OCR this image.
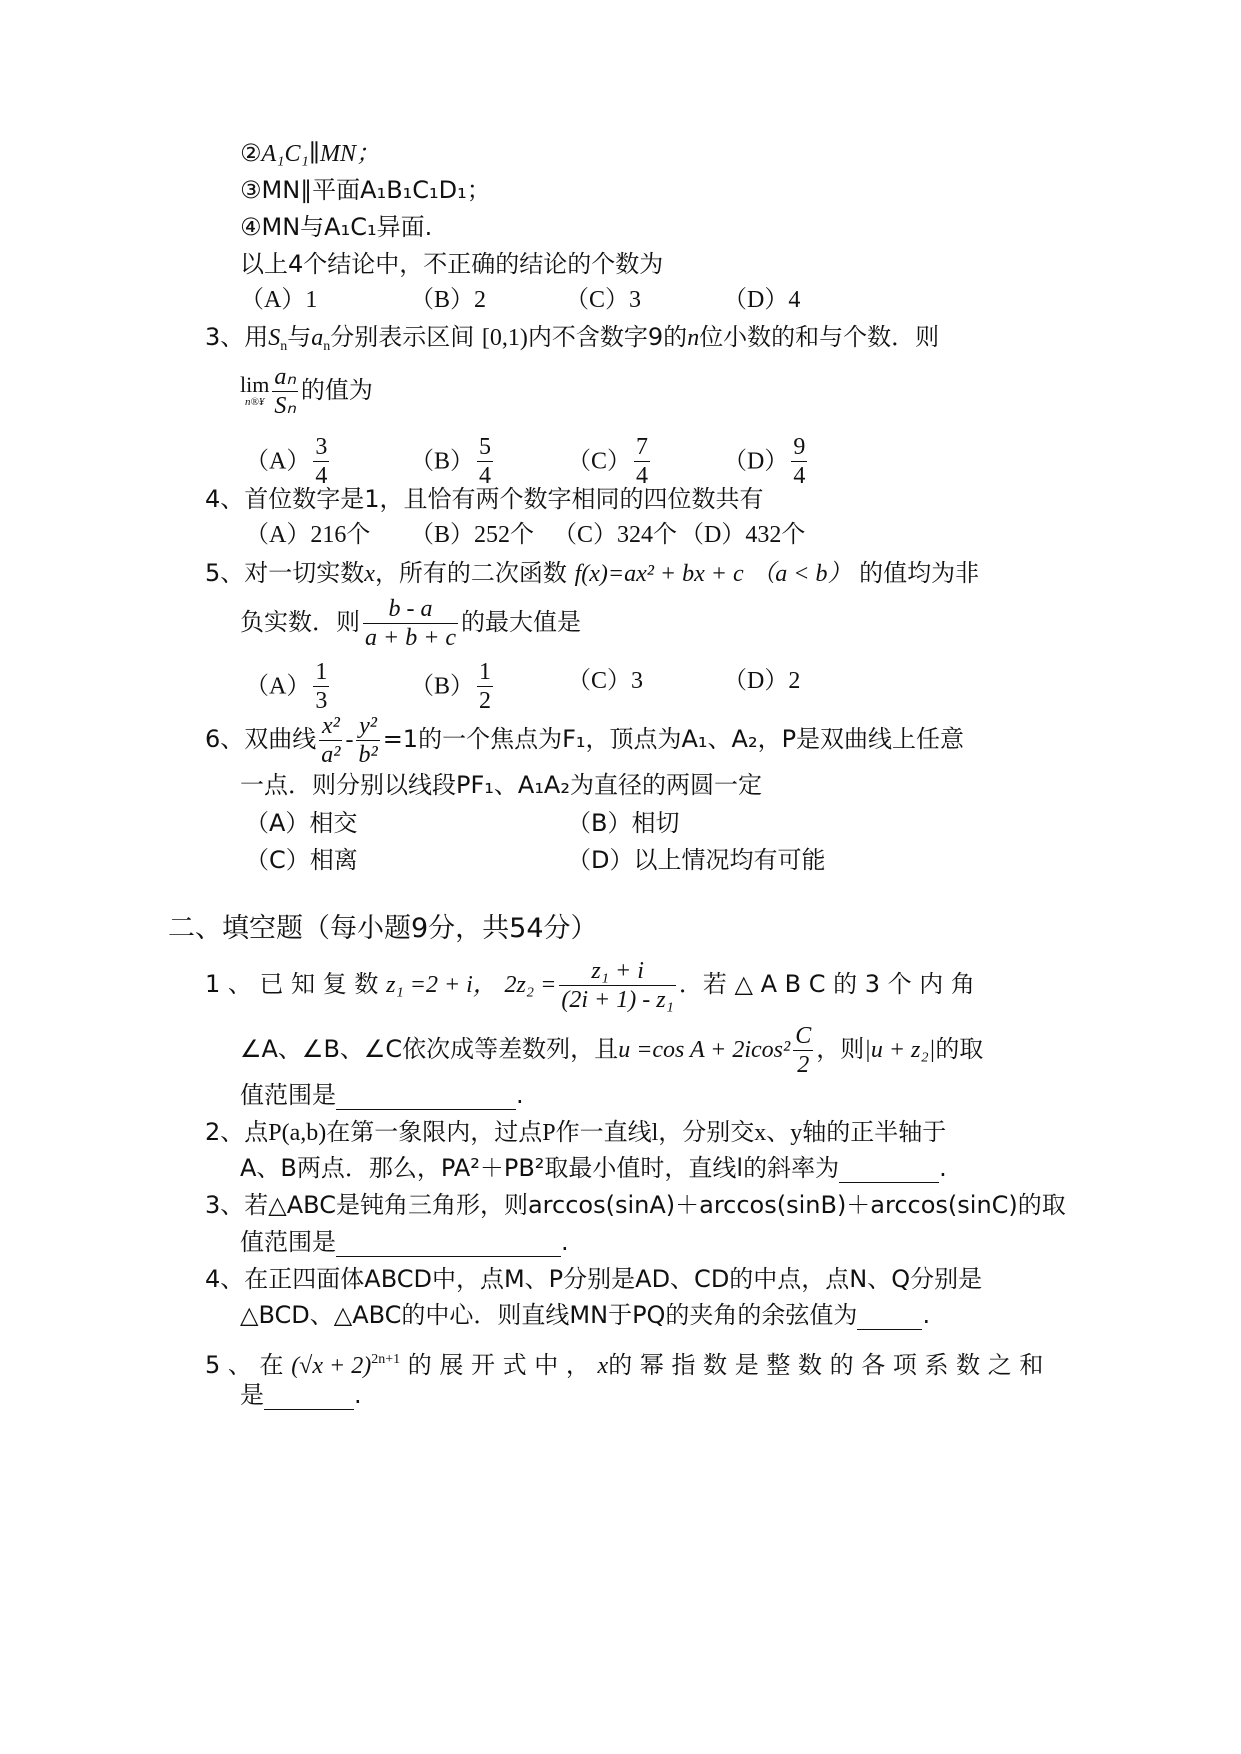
②A₁C₁∥MN；
③MN∥平面A₁B₁C₁D₁；
④MN与A₁C₁异面.
以上4个结论中，不正确的结论的个数为
（A）1	（B）2	（C）3	（D）4
3、用$S_n$与$a_n$分别表示区间 [0,1)内不含数字9的n位小数的和与个数．则
lim
n®¥ $\frac{\text{aₙ}}{\text{Sₙ}}$ 的值为
$(A) \frac{3}{4}$	$(B) \frac{5}{4}$	$(C) \frac{7}{4}$	$(D) \frac{9}{4}$
4、首位数字是1，且恰有两个数字相同的四位数共有
（A）216个 （B）252个 （C）324个 （D）432个
5、对一切实数x，所有的二次函数 f(x)=ax² + bx + c （a < b） 的值均为非
负实数．则 $\frac{b - a}{a + b + c}$ 的最大值是
$(A) \frac{1}{3}$	$(B) \frac{1}{2}$	（C）3	（D）2
6、双曲线 $\frac{\text{x²}}{\text{a²}} - \frac{\text{y²}}{\text{b²}} =1$的一个焦点为F₁，顶点为A₁、A₂，P是双曲线上任意
一点．则分别以线段PF₁、A₁A₂为直径的两圆一定
（A）相交	（B）相切
（C）相离	（D）以上情况均有可能
二、填空题（每小题9分，共54分）
1 、 已 知 复 数 z₁ =2 + i， $2z_2 = \frac{\text{z₁ + i}}{\text{(2i + 1) - z₁}}$ ．若 △ A B C 的 3 个 内 角
∠A、∠B、∠C依次成等差数列，且u =cos $A + 2icos^2 \frac{C}{2}$ ，则|u + z₂|的取
值范围是	.
2、点P(a,b)在第一象限内，过点P作一直线l，分别交x、y轴的正半轴于
A、B两点．那么，PA²＋PB²取最小值时，直线l的斜率为	.
3、若△ABC是钝角三角形，则arccos(sinA)＋arccos(sinB)＋arccos(sinC)的取
值范围是	.
4、在正四面体ABCD中，点M、P分别是AD、CD的中点，点N、Q分别是
△BCD、△ABC的中心．则直线MN于PQ的夹角的余弦值为	.
5 、 在 $(√x + 2)^{2n+1}$ 的 展 开 式 中 ， x的 幂 指 数 是 整 数 的 各 项 系 数 之 和
是	.
